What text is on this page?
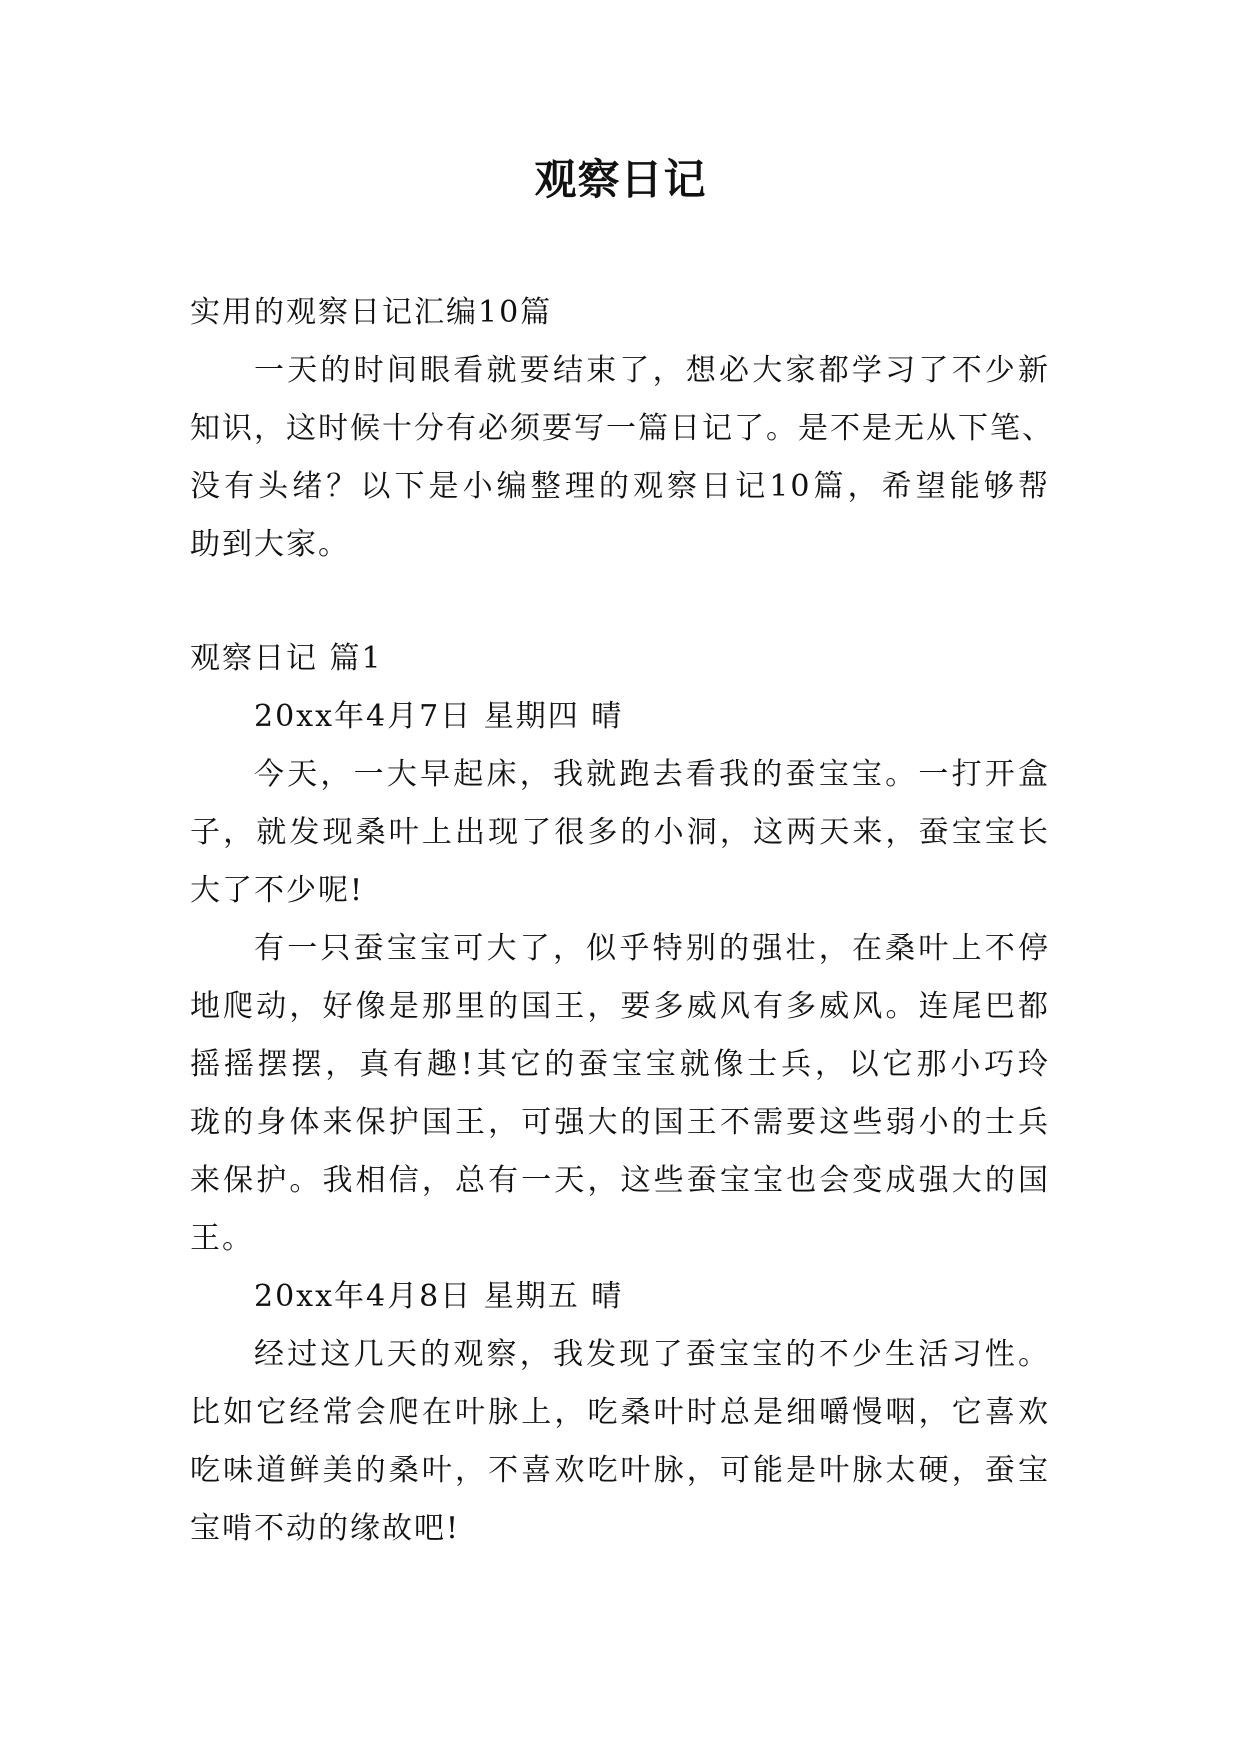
观察日记
实用的观察日记汇编10篇
一天的时间眼看就要结束了，想必大家都学习了不少新
知识，这时候十分有必须要写一篇日记了。是不是无从下笔、
没有头绪？以下是小编整理的观察日记10篇，希望能够帮
助到大家。
观察日记 篇1
20xx年4月7日 星期四 晴
今天，一大早起床，我就跑去看我的蚕宝宝。一打开盒
子，就发现桑叶上出现了很多的小洞，这两天来，蚕宝宝长
大了不少呢!
有一只蚕宝宝可大了，似乎特别的强壮，在桑叶上不停
地爬动，好像是那里的国王，要多威风有多威风。连尾巴都
摇摇摆摆，真有趣!其它的蚕宝宝就像士兵，以它那小巧玲
珑的身体来保护国王，可强大的国王不需要这些弱小的士兵
来保护。我相信，总有一天，这些蚕宝宝也会变成强大的国
王。
20xx年4月8日 星期五 晴
经过这几天的观察，我发现了蚕宝宝的不少生活习性。
比如它经常会爬在叶脉上，吃桑叶时总是细嚼慢咽，它喜欢
吃味道鲜美的桑叶，不喜欢吃叶脉，可能是叶脉太硬，蚕宝
宝啃不动的缘故吧!
